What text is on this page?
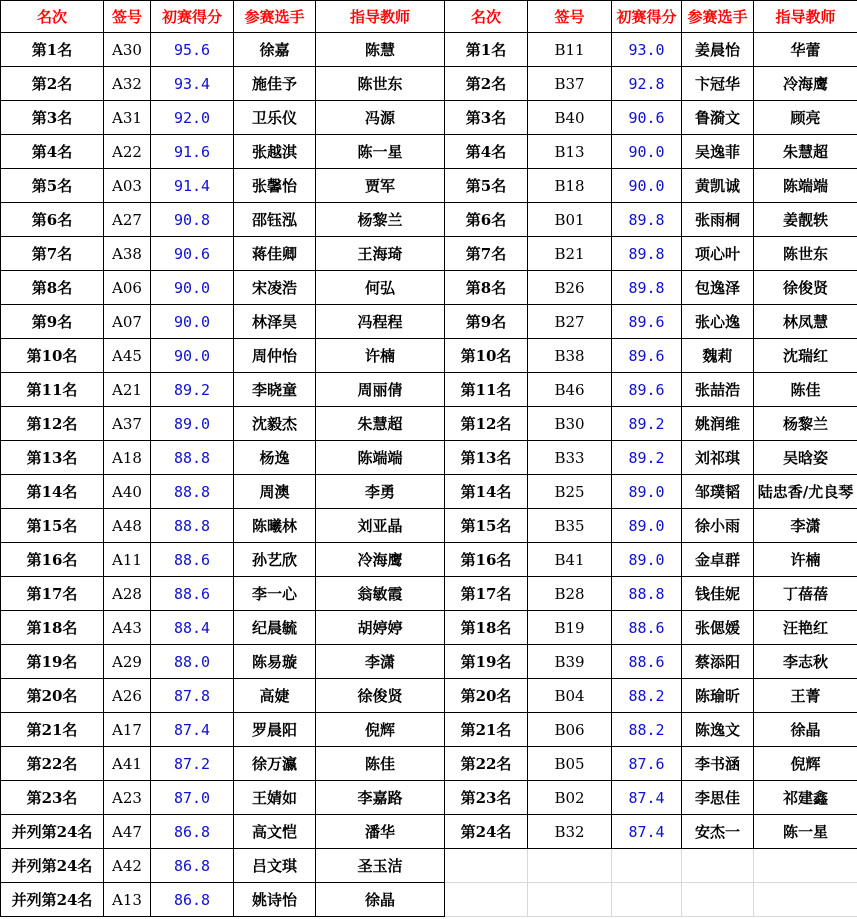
名次	签号	初赛得分	参赛选手	指导教师	名次	签号	初赛得分	参赛选手	指导教师
第1名	A30	95.6	徐嘉	陈慧	第1名	B11	93.0	姜晨怡	华蕾
第2名	A32	93.4	施佳予	陈世东	第2名	B37	92.8	卞冠华	冷海鹰
第3名	A31	92.0	卫乐仪	冯源	第3名	B40	90.6	鲁漪文	顾亮
第4名	A22	91.6	张越淇	陈一星	第4名	B13	90.0	吴逸菲	朱慧超
第5名	A03	91.4	张馨怡	贾军	第5名	B18	90.0	黄凯诚	陈端端
第6名	A27	90.8	邵钰泓	杨黎兰	第6名	B01	89.8	张雨桐	姜靓轶
第7名	A38	90.6	蒋佳卿	王海琦	第7名	B21	89.8	项心叶	陈世东
第8名	A06	90.0	宋凌浩	何弘	第8名	B26	89.8	包逸泽	徐俊贤
第9名	A07	90.0	林泽昊	冯程程	第9名	B27	89.6	张心逸	林凤慧
第10名	A45	90.0	周仲怡	许楠	第10名	B38	89.6	魏莉	沈瑞红
第11名	A21	89.2	李晓童	周丽倩	第11名	B46	89.6	张喆浩	陈佳
第12名	A37	89.0	沈毅杰	朱慧超	第12名	B30	89.2	姚润维	杨黎兰
第13名	A18	88.8	杨逸	陈端端	第13名	B33	89.2	刘祁琪	吴晗姿
第14名	A40	88.8	周澳	李勇	第14名	B25	89.0	邹璞韬	陆忠香/尤良琴
第15名	A48	88.8	陈曦林	刘亚晶	第15名	B35	89.0	徐小雨	李潇
第16名	A11	88.6	孙艺欣	冷海鹰	第16名	B41	89.0	金卓群	许楠
第17名	A28	88.6	李一心	翁敏霞	第17名	B28	88.8	钱佳妮	丁蓓蓓
第18名	A43	88.4	纪晨毓	胡婷婷	第18名	B19	88.6	张偲媛	汪艳红
第19名	A29	88.0	陈易璇	李潇	第19名	B39	88.6	蔡添阳	李志秋
第20名	A26	87.8	高婕	徐俊贤	第20名	B04	88.2	陈瑜昕	王菁
第21名	A17	87.4	罗晨阳	倪辉	第21名	B06	88.2	陈逸文	徐晶
第22名	A41	87.2	徐万瀛	陈佳	第22名	B05	87.6	李书涵	倪辉
第23名	A23	87.0	王婧如	李嘉路	第23名	B02	87.4	李思佳	祁建鑫
并列第24名	A47	86.8	高文恺	潘华	第24名	B32	87.4	安杰一	陈一星
并列第24名	A42	86.8	吕文琪	圣玉洁					
并列第24名	A13	86.8	姚诗怡	徐晶					
